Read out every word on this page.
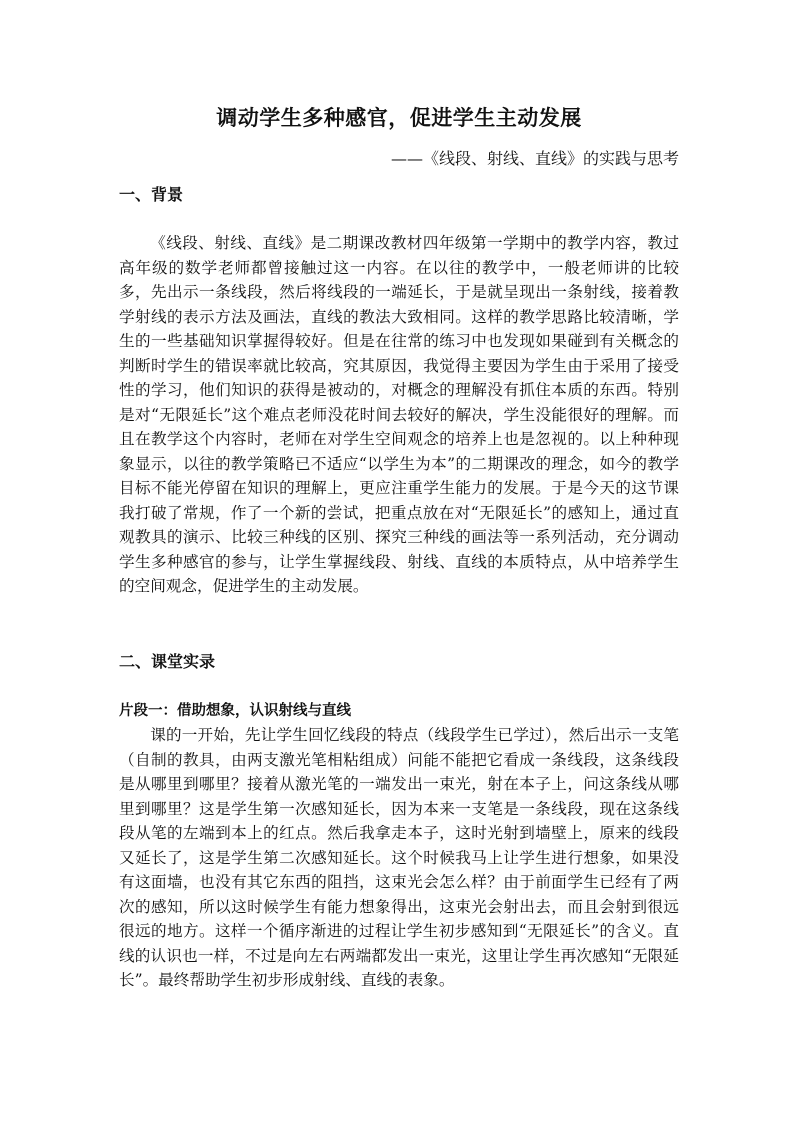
调动学生多种感官，促进学生主动发展

——《线段、射线、直线》的实践与思考

一、背景

《线段、射线、直线》是二期课改教材四年级第一学期中的教学内容，教过高年级的数学老师都曾接触过这一内容。在以往的教学中，一般老师讲的比较多，先出示一条线段，然后将线段的一端延长，于是就呈现出一条射线，接着教学射线的表示方法及画法，直线的教法大致相同。这样的教学思路比较清晰，学生的一些基础知识掌握得较好。但是在往常的练习中也发现如果碰到有关概念的判断时学生的错误率就比较高，究其原因，我觉得主要因为学生由于采用了接受性的学习，他们知识的获得是被动的，对概念的理解没有抓住本质的东西。特别是对“无限延长”这个难点老师没花时间去较好的解决，学生没能很好的理解。而且在教学这个内容时，老师在对学生空间观念的培养上也是忽视的。以上种种现象显示，以往的教学策略已不适应“以学生为本”的二期课改的理念，如今的教学目标不能光停留在知识的理解上，更应注重学生能力的发展。于是今天的这节课我打破了常规，作了一个新的尝试，把重点放在对“无限延长”的感知上，通过直观教具的演示、比较三种线的区别、探究三种线的画法等一系列活动，充分调动学生多种感官的参与，让学生掌握线段、射线、直线的本质特点，从中培养学生的空间观念，促进学生的主动发展。

二、课堂实录
片段一：借助想象，认识射线与直线

课的一开始，先让学生回忆线段的特点（线段学生已学过），然后出示一支笔（自制的教具，由两支激光笔相粘组成）问能不能把它看成一条线段，这条线段是从哪里到哪里？接着从激光笔的一端发出一束光，射在本子上，问这条线从哪里到哪里？这是学生第一次感知延长，因为本来一支笔是一条线段，现在这条线段从笔的左端到本上的红点。然后我拿走本子，这时光射到墙壁上，原来的线段又延长了，这是学生第二次感知延长。这个时候我马上让学生进行想象，如果没有这面墙，也没有其它东西的阻挡，这束光会怎么样？由于前面学生已经有了两次的感知，所以这时候学生有能力想象得出，这束光会射出去，而且会射到很远很远的地方。这样一个循序渐进的过程让学生初步感知到“无限延长”的含义。直线的认识也一样，不过是向左右两端都发出一束光，这里让学生再次感知“无限延长”。最终帮助学生初步形成射线、直线的表象。
